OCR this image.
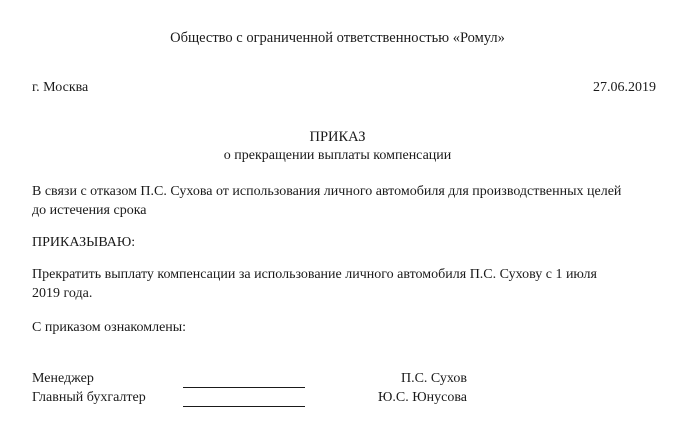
Общество с ограниченной ответственностью «Ромул»
г. Москва	27.06.2019
ПРИКАЗ
о прекращении выплаты компенсации
В связи с отказом П.С. Сухова от использования личного автомобиля для производственных целей
до истечения срока
ПРИКАЗЫВАЮ:
Прекратить выплату компенсации за использование личного автомобиля П.С. Сухову с 1 июля
2019 года.
С приказом ознакомлены:
Менеджер	П.С. Сухов
Главный бухгалтер	Ю.С. Юнусова
